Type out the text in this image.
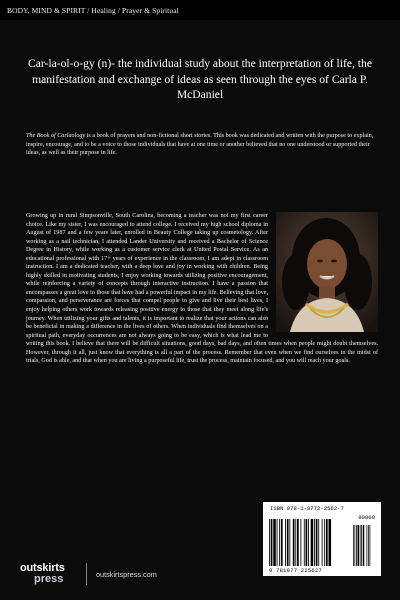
BODY, MIND & SPIRIT / Healing / Prayer & Spiritual
Car-la-ol-o-gy (n)- the individual study about the interpretation of life, the manifestation and exchange of ideas as seen through the eyes of Carla P. McDaniel
The Book of Carlaology is a book of prayers and non-fictional short stories. This book was dedicated and written with the purpose to explain, inspire, encourage, and to be a voice to those individuals that have at one time or another believed that no one understood or supported their ideas, as well as their purpose in life.
Growing up in rural Simpsonville, South Carolina, becoming a teacher was not my first career choice. Like my sister, I was encouraged to attend college. I received my high school diploma in August of 1987 and a few years later, enrolled in Beauty College taking up cosmetology. After working as a nail technician, I attended Lander University and received a Bachelor of Science Degree in History, while working as a customer service clerk at United Postal Service. As an educational professional with 17+ years of experience in the classroom, I am adept in classroom instruction. I am a dedicated teacher, with a deep love and joy in working with children. Being highly skilled in motivating students, I enjoy working towards utilizing positive encouragement, while reinforcing a variety of concepts through interactive instruction. I have a passion that encompasses a great love to those that have had a powerful impact in my life. Believing that love, compassion, and perseverance are forces that compel people to give and live their best lives, I enjoy helping others work towards releasing positive energy to those that they meet along life's journey. When utilizing your gifts and talents, it is important to realize that your actions can also be beneficial in making a difference in the lives of others. When individuals find themselves on a spiritual path, everyday occurrences are not always going to be easy, which is what lead me to writing this book. I believe that there will be difficult situations, good days, bad days, and often times when people might doubt themselves. However, through it all, just know that everything is all a part of the process. Remember that even when we find ourselves in the midst of trials, God is able, and that when you are living a purposeful life, trust the process, maintain focused, and you will reach your goals.
ISBN 978-1-9772-2562-7
90000
9 781977 225627
outskirts
press	outskirtspress.com
